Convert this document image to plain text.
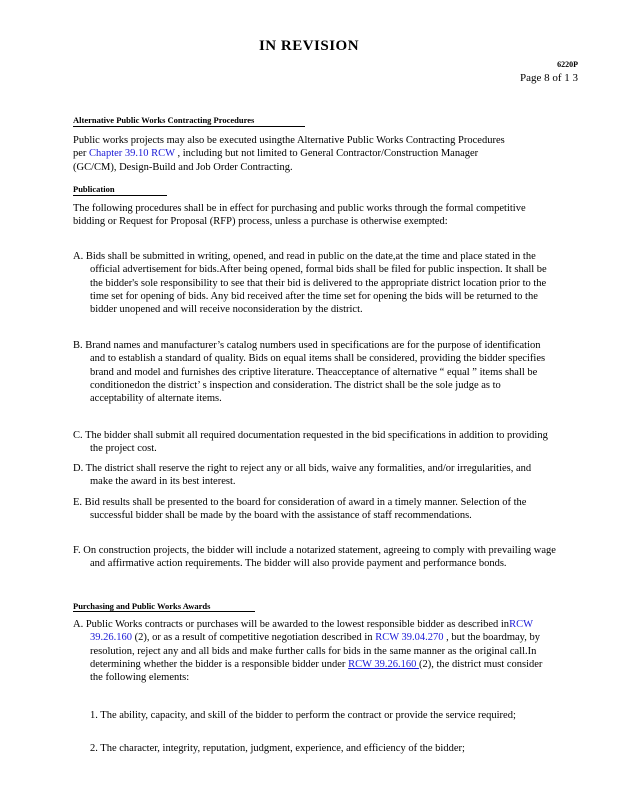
IN REVISION
6220P
Page 8 of 1 3
Alternative Public Works Contracting Procedures
Public works projects may also be executed usingthe Alternative Public Works Contracting Procedures per Chapter 39.10 RCW , including but not limited to General Contractor/Construction Manager (GC/CM), Design-Build and Job Order Contracting.
Publication
The following procedures shall be in effect for purchasing and public works through the formal competitive bidding or Request for Proposal (RFP) process, unless a purchase is otherwise exempted:
A. Bids shall be submitted in writing, opened, and read in public on the date,at the time and place stated in the official advertisement for bids.After being opened, formal bids shall be filed for public inspection. It shall be the bidder's sole responsibility to see that their bid is delivered to the appropriate district location prior to the time set for opening of bids. Any bid received after the time set for opening the bids will be returned to the bidder unopened and will receive noconsideration by the district.
B. Brand names and manufacturer’s catalog numbers used in specifications are for the purpose of identification and to establish a standard of quality. Bids on equal items shall be considered, providing the bidder specifies brand and model and furnishes des criptive literature. Theacceptance of alternative “ equal ” items shall be conditionedon the district’ s inspection and consideration. The district shall be the sole judge as to acceptability of alternate items.
C. The bidder shall submit all required documentation requested in the bid specifications in addition to providing the project cost.
D. The district shall reserve the right to reject any or all bids, waive any formalities, and/or irregularities, and make the award in its best interest.
E. Bid results shall be presented to the board for consideration of award in a timely manner. Selection of the successful bidder shall be made by the board with the assistance of staff recommendations.
F. On construction projects, the bidder will include a notarized statement, agreeing to comply with prevailing wage and affirmative action requirements. The bidder will also provide payment and performance bonds.
Purchasing and Public Works Awards
A. Public Works contracts or purchases will be awarded to the lowest responsible bidder as described inRCW 39.26.160 (2), or as a result of competitive negotiation described in RCW 39.04.270 , but the boardmay, by resolution, reject any and all bids and make further calls for bids in the same manner as the original call.In determining whether the bidder is a responsible bidder under RCW 39.26.160 (2), the district must consider the following elements:
1. The ability, capacity, and skill of the bidder to perform the contract or provide the service required;
2. The character, integrity, reputation, judgment, experience, and efficiency of the bidder;
